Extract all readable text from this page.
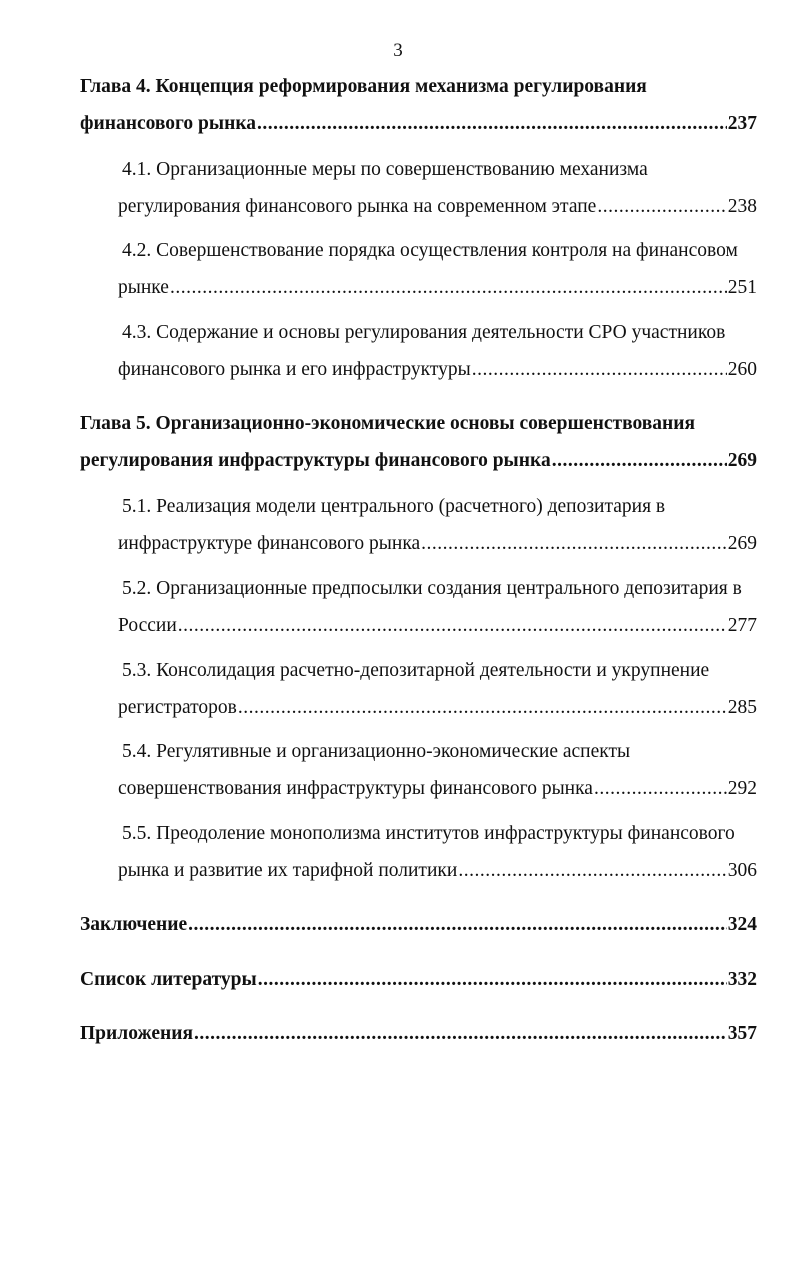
3
Глава 4. Концепция реформирования механизма регулирования
финансового рынка .....	237
4.1. Организационные меры по совершенствованию механизма
регулирования финансового рынка на современном этапе .....	238
4.2. Совершенствование порядка осуществления контроля на финансовом
рынке .....	251
4.3. Содержание и основы регулирования деятельности СРО участников
финансового рынка и его инфраструктуры .....	260
Глава 5. Организационно-экономические основы совершенствования
регулирования инфраструктуры финансового рынка .....	269
5.1. Реализация модели центрального (расчетного) депозитария в
инфраструктуре финансового рынка .....	269
5.2. Организационные предпосылки создания центрального депозитария в
России .....	277
5.3. Консолидация расчетно-депозитарной деятельности и укрупнение
регистраторов .....	285
5.4. Регулятивные и организационно-экономические аспекты
совершенствования инфраструктуры финансового рынка .....	292
5.5. Преодоление монополизма институтов инфраструктуры финансового
рынка и развитие их тарифной политики .....	306
Заключение .....	324
Список литературы .....	332
Приложения .....	357
